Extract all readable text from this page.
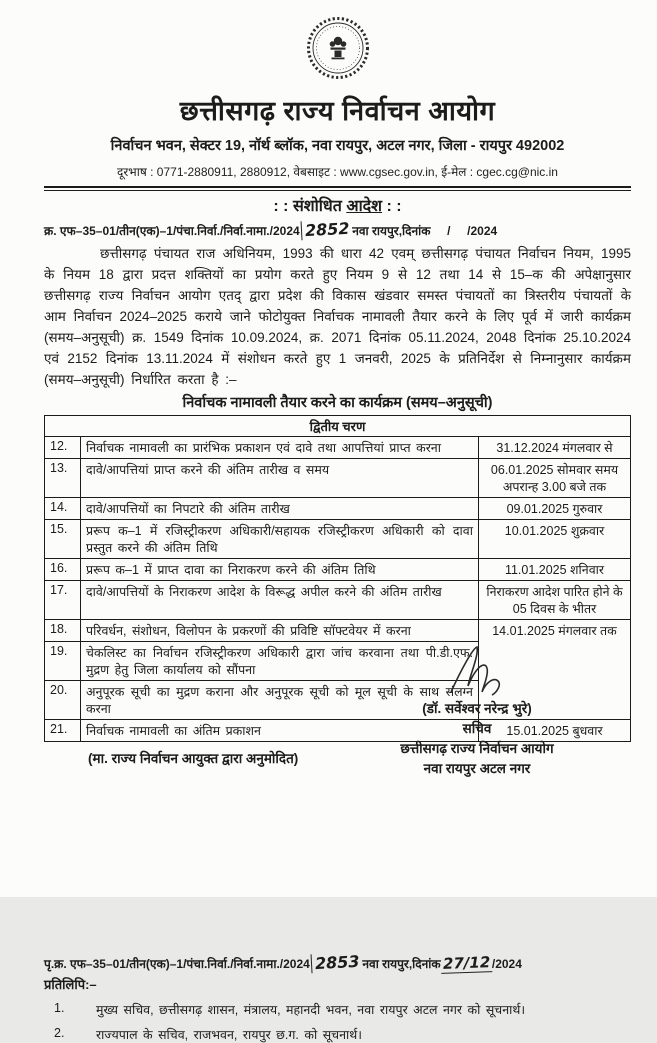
छत्तीसगढ़ राज्य निर्वाचन आयोग
निर्वाचन भवन, सेक्टर 19, नॉर्थ ब्लॉक, नवा रायपुर, अटल नगर, जिला - रायपुर 492002
दूरभाष : 0771-2880911, 2880912, वेबसाइट : www.cgsec.gov.in, ई-मेल : cgec.cg@nic.in
: : संशोधित आदेश : :
क्र. एफ–35–01/तीन(एक)–1/पंचा.निर्वा./निर्वा.नामा./2024 2852 नवा रायपुर,दिनांक     /     /2024
छत्तीसगढ़ पंचायत राज अधिनियम, 1993 की धारा 42 एवम् छत्तीसगढ़ पंचायत निर्वाचन नियम, 1995 के नियम 18 द्वारा प्रदत्त शक्तियों का प्रयोग करते हुए नियम 9 से 12 तथा 14 से 15–क की अपेक्षानुसार छत्तीसगढ़ राज्य निर्वाचन आयोग एतद् द्वारा प्रदेश की विकास खंडवार समस्त पंचायतों का त्रिस्तरीय पंचायतों के आम निर्वाचन 2024–2025 कराये जाने फोटोयुक्त निर्वाचक नामावली तैयार करने के लिए पूर्व में जारी कार्यक्रम (समय–अनुसूची) क्र. 1549 दिनांक 10.09.2024, क्र. 2071 दिनांक 05.11.2024, 2048 दिनांक 25.10.2024 एवं 2152 दिनांक 13.11.2024 में संशोधन करते हुए 1 जनवरी, 2025 के प्रतिनिर्देश से निम्नानुसार कार्यक्रम (समय–अनुसूची) निर्धारित करता है :–
निर्वाचक नामावली तैयार करने का कार्यक्रम (समय–अनुसूची)
द्वितीय चरण		
12.	निर्वाचक नामावली का प्रारंभिक प्रकाशन एवं दावे तथा आपत्तियां प्राप्त करना	31.12.2024 मंगलवार से
13.	दावे/आपत्तियां प्राप्त करने की अंतिम तारीख व समय	06.01.2025 सोमवार समय अपरान्ह 3.00 बजे तक
14.	दावे/आपत्तियों का निपटारे की अंतिम तारीख	09.01.2025 गुरुवार
15.	प्ररूप क–1 में रजिस्ट्रीकरण अधिकारी/सहायक रजिस्ट्रीकरण अधिकारी को दावा प्रस्तुत करने की अंतिम तिथि	10.01.2025 शुक्रवार
16.	प्ररूप क–1 में प्राप्त दावा का निराकरण करने की अंतिम तिथि	11.01.2025 शनिवार
17.	दावे/आपत्तियों के निराकरण आदेश के विरूद्ध अपील करने की अंतिम तारीख	निराकरण आदेश पारित होने के 05 दिवस के भीतर
18.	परिवर्धन, संशोधन, विलोपन के प्रकरणों की प्रविष्टि सॉफ्टवेयर में करना	14.01.2025 मंगलवार तक
19.	चेकलिस्ट का निर्वाचन रजिस्ट्रीकरण अधिकारी द्वारा जांच करवाना तथा पी.डी.एफ. मुद्रण हेतु जिला कार्यालय को सौंपना	
20.	अनुपूरक सूची का मुद्रण कराना और अनुपूरक सूची को मूल सूची के साथ संलग्न करना	
21.	निर्वाचक नामावली का अंतिम प्रकाशन	15.01.2025 बुधवार
(मा. राज्य निर्वाचन आयुक्त द्वारा अनुमोदित)
(डॉ. सर्वेश्वर नरेन्द्र भुरे)
सचिव
छत्तीसगढ़ राज्य निर्वाचन आयोग
नवा रायपुर अटल नगर
पृ.क्र. एफ–35–01/तीन(एक)–1/पंचा.निर्वा./निर्वा.नामा./2024 2853 नवा रायपुर,दिनांक 27/12 /2024
प्रतिलिपि:–
1.	मुख्य सचिव, छत्तीसगढ़ शासन, मंत्रालय, महानदी भवन, नवा रायपुर अटल नगर को सूचनार्थ।
2.	राज्यपाल के सचिव, राजभवन, रायपुर छ.ग. को सूचनार्थ।
